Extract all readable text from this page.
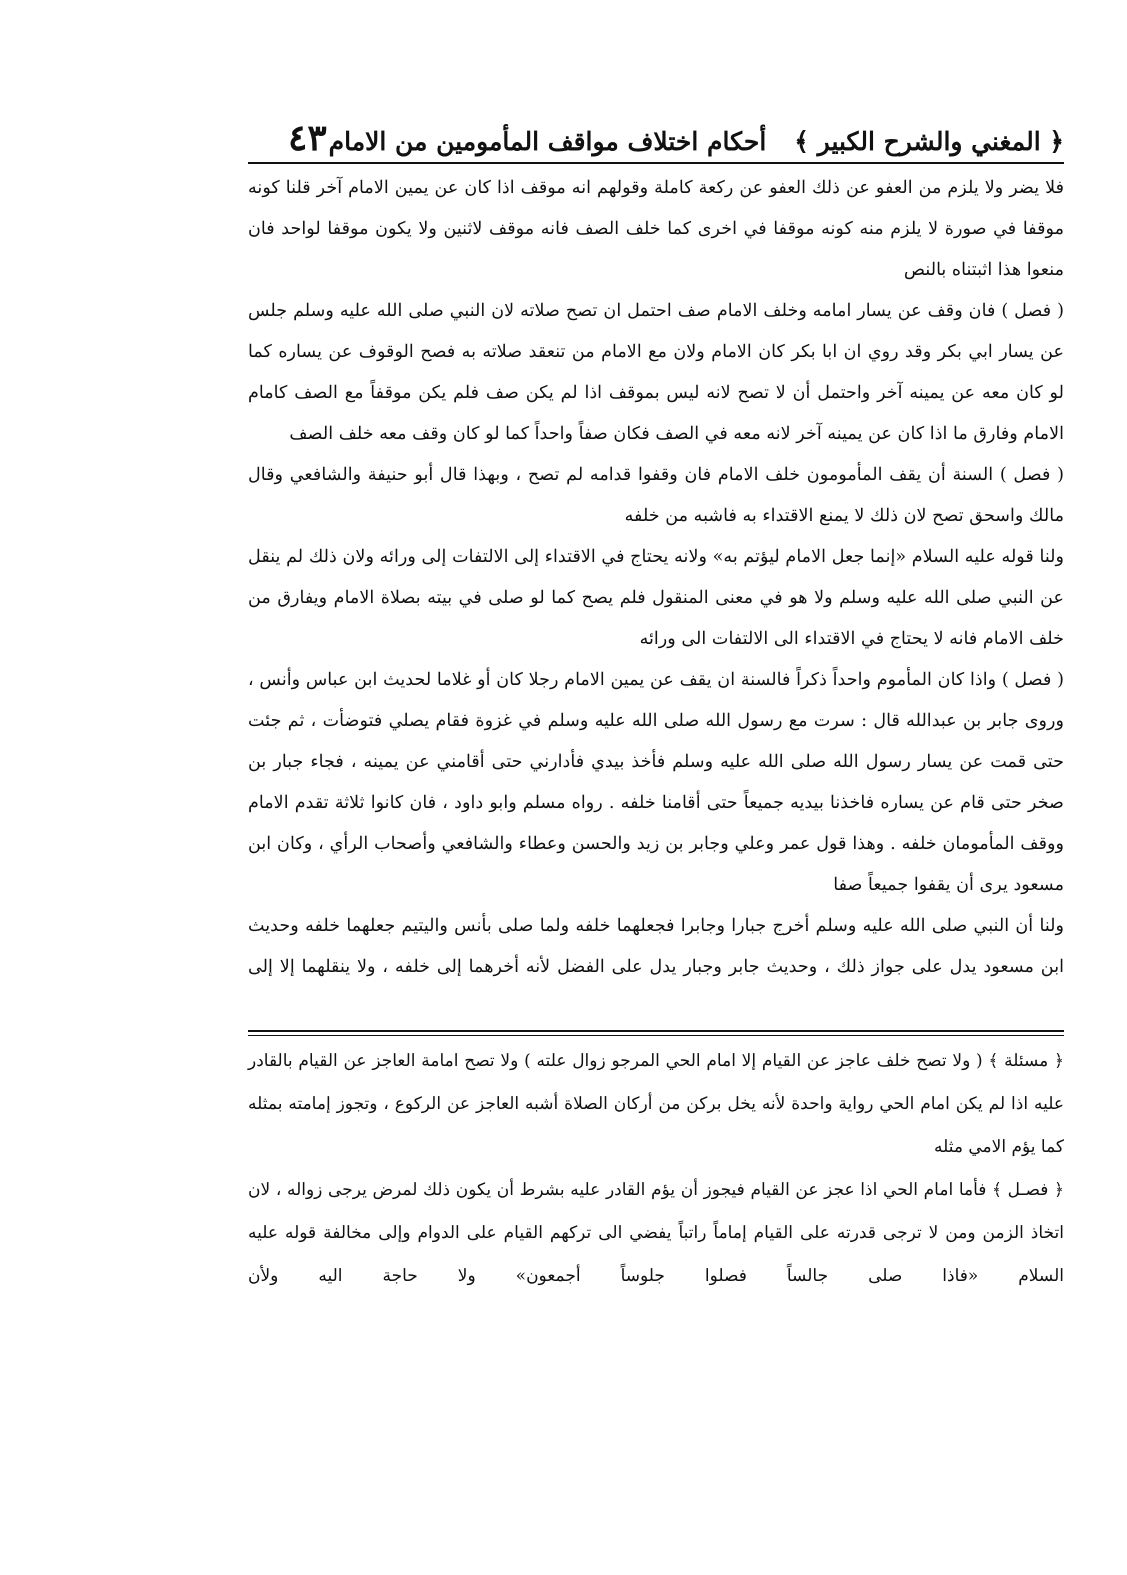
﴿ المغني والشرح الكبير ﴾أحكام اختلاف مواقف المأمومين من الامام
٤٣

فلا يضر ولا يلزم من العفو عن ذلك العفو عن ركعة كاملة وقولهم انه موقف اذا كان عن يمين الامام آخر قلنا كونه موقفا في صورة لا يلزم منه كونه موقفا في اخرى كما خلف الصف فانه موقف لاثنين ولا يكون موقفا لواحد فان منعوا هذا اثبتناه بالنص

( فصل ) فان وقف عن يسار امامه وخلف الامام صف احتمل ان تصح صلاته لان النبي صلى الله عليه وسلم جلس عن يسار ابي بكر وقد روي ان ابا بكر كان الامام ولان مع الامام من تنعقد صلاته به فصح الوقوف عن يساره كما لو كان معه عن يمينه آخر واحتمل أن لا تصح لانه ليس بموقف اذا لم يكن صف فلم يكن موقفاً مع الصف كامام الامام وفارق ما اذا كان عن يمينه آخر لانه معه في الصف فكان صفاً واحداً كما لو كان وقف معه خلف الصف

( فصل ) السنة أن يقف المأمومون خلف الامام فان وقفوا قدامه لم تصح ، وبهذا قال أبو حنيفة والشافعي وقال مالك واسحق تصح لان ذلك لا يمنع الاقتداء به فاشبه من خلفه

ولنا قوله عليه السلام «إنما جعل الامام ليؤتم به» ولانه يحتاج في الاقتداء إلى الالتفات إلى ورائه ولان ذلك لم ينقل عن النبي صلى الله عليه وسلم ولا هو في معنى المنقول فلم يصح كما لو صلى في بيته بصلاة الامام ويفارق من خلف الامام فانه لا يحتاج في الاقتداء الى الالتفات الى ورائه

( فصل ) واذا كان المأموم واحداً ذكراً فالسنة ان يقف عن يمين الامام رجلا كان أو غلاما لحديث ابن عباس وأنس ، وروى جابر بن عبدالله قال : سرت مع رسول الله صلى الله عليه وسلم في غزوة فقام يصلي فتوضأت ، ثم جئت حتى قمت عن يسار رسول الله صلى الله عليه وسلم فأخذ بيدي فأدارني حتى أقامني عن يمينه ، فجاء جبار بن صخر حتى قام عن يساره فاخذنا بيديه جميعاً حتى أقامنا خلفه . رواه مسلم وابو داود ، فان كانوا ثلاثة تقدم الامام ووقف المأمومان خلفه . وهذا قول عمر وعلي وجابر بن زيد والحسن وعطاء والشافعي وأصحاب الرأي ، وكان ابن مسعود يرى أن يقفوا جميعاً صفا

ولنا أن النبي صلى الله عليه وسلم أخرج جبارا وجابرا فجعلهما خلفه ولما صلى بأنس واليتيم جعلهما خلفه وحديث ابن مسعود يدل على جواز ذلك ، وحديث جابر وجبار يدل على الفضل لأنه أخرهما إلى خلفه ، ولا ينقلهما إلا إلى

﴿ مسئلة ﴾ ( ولا تصح خلف عاجز عن القيام إلا امام الحي المرجو زوال علته ) ولا تصح امامة العاجز عن القيام بالقادر عليه اذا لم يكن امام الحي رواية واحدة لأنه يخل بركن من أركان الصلاة أشبه العاجز عن الركوع ، وتجوز إمامته بمثله كما يؤم الامي مثله

﴿ فصـل ﴾ فأما امام الحي اذا عجز عن القيام فيجوز أن يؤم القادر عليه بشرط أن يكون ذلك لمرض يرجى زواله ، لان اتخاذ الزمن ومن لا ترجى قدرته على القيام إماماً راتباً يفضي الى تركهم القيام على الدوام وإلى مخالفة قوله عليه السلام «فاذا صلى جالساً فصلوا جلوساً أجمعون» ولا حاجة اليه ولأن
